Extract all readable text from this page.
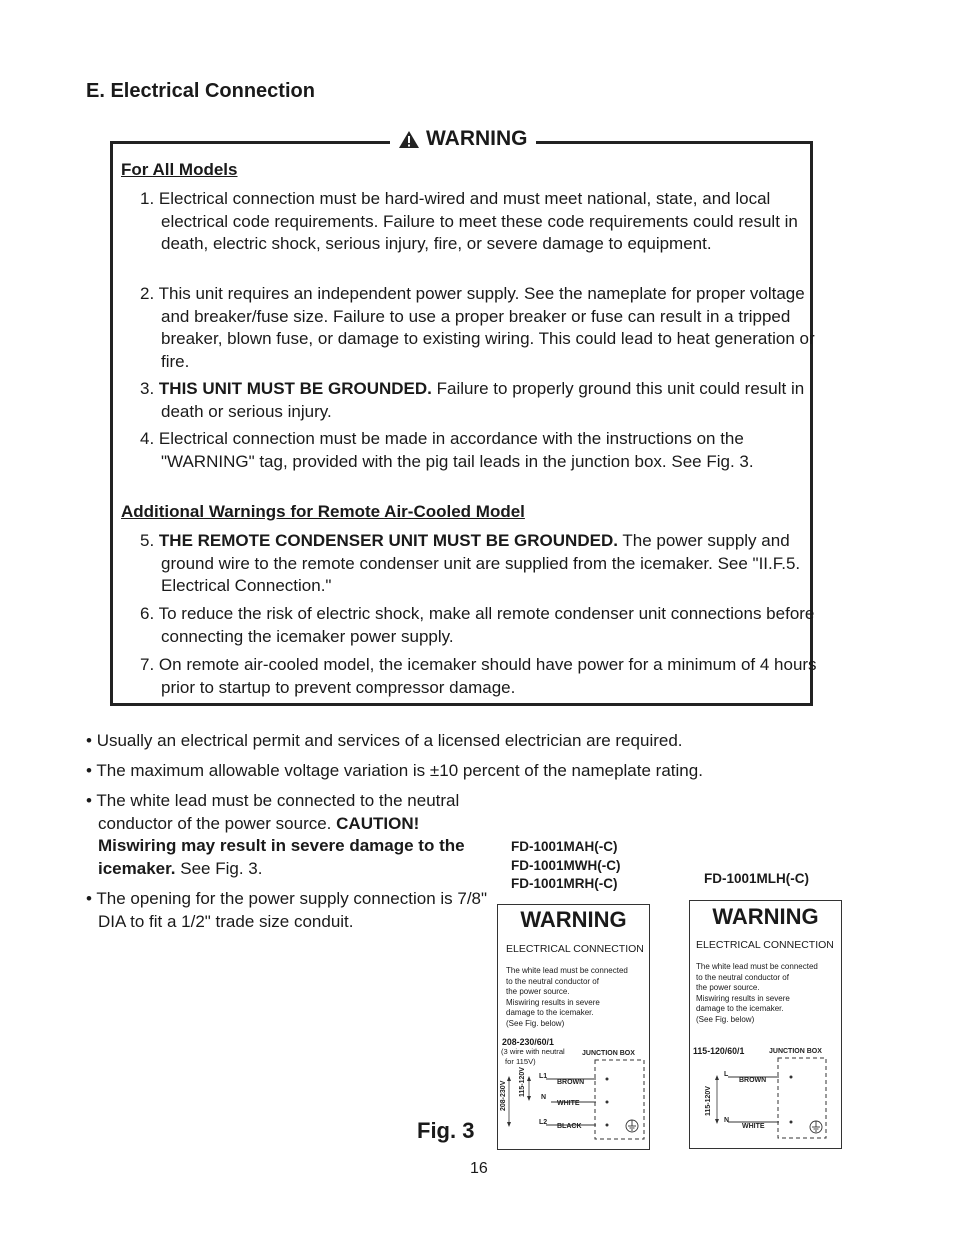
E. Electrical Connection
WARNING
For All Models
1. Electrical connection must be hard-wired and must meet national, state, and local electrical code requirements. Failure to meet these code requirements could result in death, electric shock, serious injury, fire, or severe damage to equipment.
2. This unit requires an independent power supply. See the nameplate for proper voltage and breaker/fuse size. Failure to use a proper breaker or fuse can result in a tripped breaker, blown fuse, or damage to existing wiring. This could lead to heat generation or fire.
3. THIS UNIT MUST BE GROUNDED. Failure to properly ground this unit could result in death or serious injury.
4. Electrical connection must be made in accordance with the instructions on the "WARNING" tag, provided with the pig tail leads in the junction box. See Fig. 3.
Additional Warnings for Remote Air-Cooled Model
5. THE REMOTE CONDENSER UNIT MUST BE GROUNDED. The power supply and ground wire to the remote condenser unit are supplied from the icemaker. See "II.F.5. Electrical Connection."
6. To reduce the risk of electric shock, make all remote condenser unit connections before connecting the icemaker power supply.
7. On remote air-cooled model, the icemaker should have power for a minimum of 4 hours prior to startup to prevent compressor damage.
• Usually an electrical permit and services of a licensed electrician are required.
• The maximum allowable voltage variation is ±10 percent of the nameplate rating.
• The white lead must be connected to the neutral conductor of the power source. CAUTION! Miswiring may result in severe damage to the icemaker. See Fig. 3.
• The opening for the power supply connection is 7/8" DIA to fit a 1/2" trade size conduit.
FD-1001MAH(-C)
FD-1001MWH(-C)
FD-1001MRH(-C)	FD-1001MLH(-C)
WARNING
ELECTRICAL CONNECTION
The white lead must be connected
to the neutral conductor of
the power source.
Miswiring results in severe
damage to the icemaker.
(See Fig. below)
208-230/60/1
(3 wire with neutral
for 115V)
JUNCTION BOX
L1
N
L2
BROWN
WHITE
BLACK
208-230V 115-120V
WARNING
ELECTRICAL CONNECTION
The white lead must be connected
to the neutral conductor of
the power source.
Miswiring results in severe
damage to the icemaker.
(See Fig. below)
115-120/60/1	JUNCTION BOX
L
N
BROWN
WHITE
115-120V
Fig. 3
16
